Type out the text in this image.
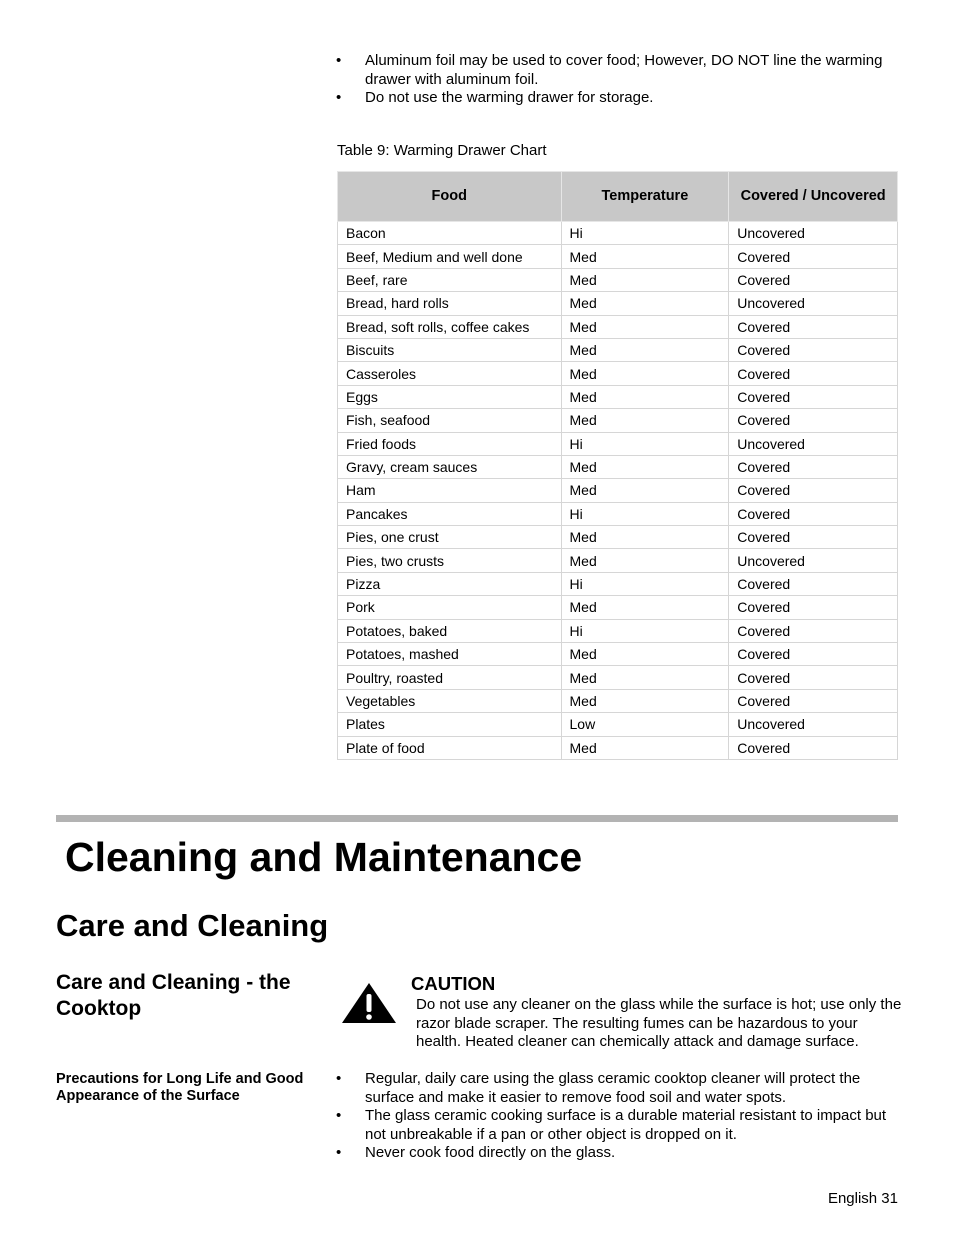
• Aluminum foil may be used to cover food; However, DO NOT line the warming drawer with aluminum foil.
• Do not use the warming drawer for storage.
Table 9: Warming Drawer Chart
Food	Temperature	Covered / Uncovered
Bacon	Hi	Uncovered
Beef, Medium and well done	Med	Covered
Beef, rare	Med	Covered
Bread, hard rolls	Med	Uncovered
Bread, soft rolls, coffee cakes	Med	Covered
Biscuits	Med	Covered
Casseroles	Med	Covered
Eggs	Med	Covered
Fish, seafood	Med	Covered
Fried foods	Hi	Uncovered
Gravy, cream sauces	Med	Covered
Ham	Med	Covered
Pancakes	Hi	Covered
Pies, one crust	Med	Covered
Pies, two crusts	Med	Uncovered
Pizza	Hi	Covered
Pork	Med	Covered
Potatoes, baked	Hi	Covered
Potatoes, mashed	Med	Covered
Poultry, roasted	Med	Covered
Vegetables	Med	Covered
Plates	Low	Uncovered
Plate of food	Med	Covered
Cleaning and Maintenance
Care and Cleaning
Care and Cleaning - the Cooktop
CAUTION
Do not use any cleaner on the glass while the surface is hot; use only the razor blade scraper. The resulting fumes can be hazardous to your health. Heated cleaner can chemically attack and damage surface.
Precautions for Long Life and Good Appearance of the Surface
• Regular, daily care using the glass ceramic cooktop cleaner will protect the surface and make it easier to remove food soil and water spots.
• The glass ceramic cooking surface is a durable material resistant to impact but not unbreakable if a pan or other object is dropped on it.
• Never cook food directly on the glass.
English 31
